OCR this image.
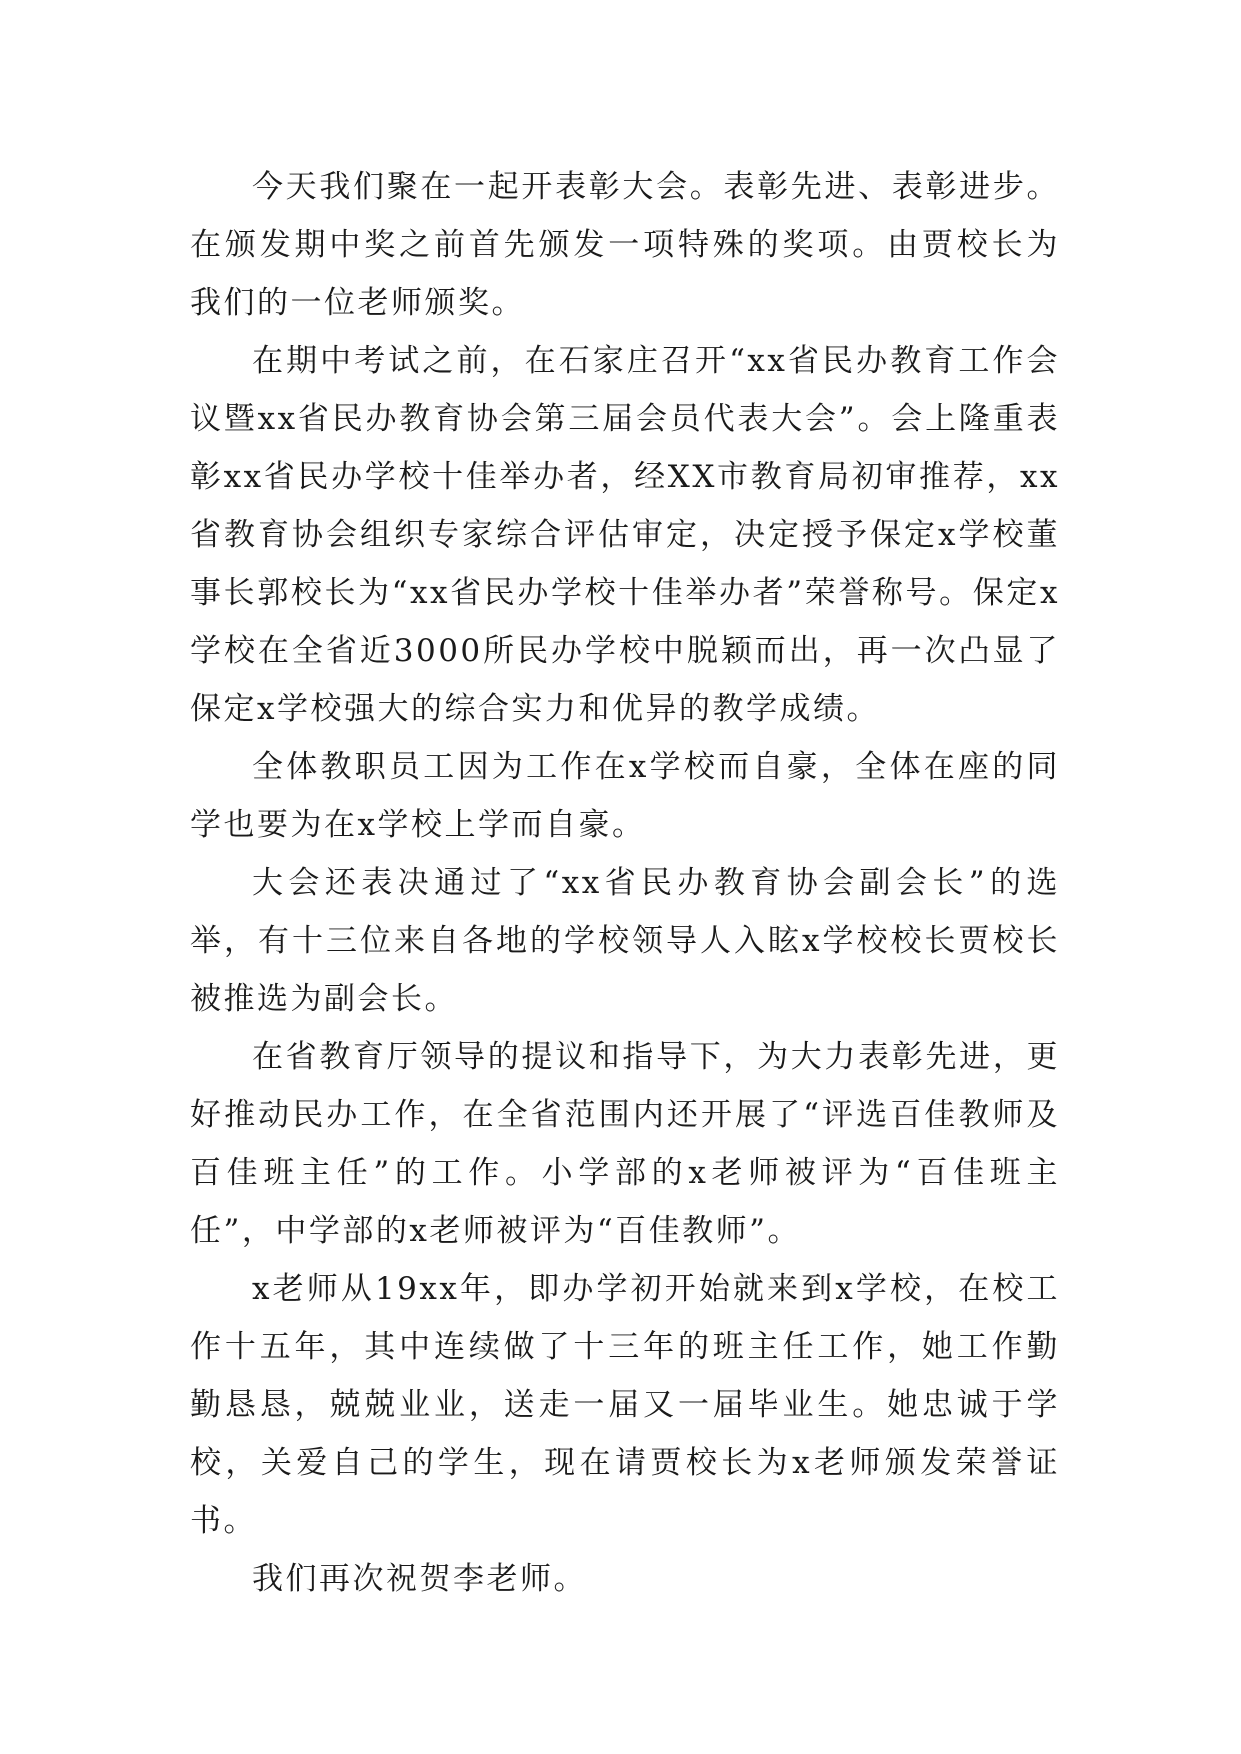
今天我们聚在一起开表彰大会。表彰先进、表彰进步。在颁发期中奖之前首先颁发一项特殊的奖项。由贾校长为我们的一位老师颁奖。

在期中考试之前，在石家庄召开“xx省民办教育工作会议暨xx省民办教育协会第三届会员代表大会”。会上隆重表彰xx省民办学校十佳举办者，经XX市教育局初审推荐，xx省教育协会组织专家综合评估审定，决定授予保定x学校董事长郭校长为“xx省民办学校十佳举办者”荣誉称号。保定x学校在全省近3000所民办学校中脱颖而出，再一次凸显了保定x学校强大的综合实力和优异的教学成绩。

全体教职员工因为工作在x学校而自豪，全体在座的同学也要为在x学校上学而自豪。

大会还表决通过了“xx省民办教育协会副会长”的选举，有十三位来自各地的学校领导人入眩x学校校长贾校长被推选为副会长。

在省教育厅领导的提议和指导下，为大力表彰先进，更好推动民办工作，在全省范围内还开展了“评选百佳教师及百佳班主任”的工作。小学部的x老师被评为“百佳班主任”，中学部的x老师被评为“百佳教师”。

x老师从19xx年，即办学初开始就来到x学校，在校工作十五年，其中连续做了十三年的班主任工作，她工作勤勤恳恳，兢兢业业，送走一届又一届毕业生。她忠诚于学校，关爱自己的学生，现在请贾校长为x老师颁发荣誉证书。

我们再次祝贺李老师。
